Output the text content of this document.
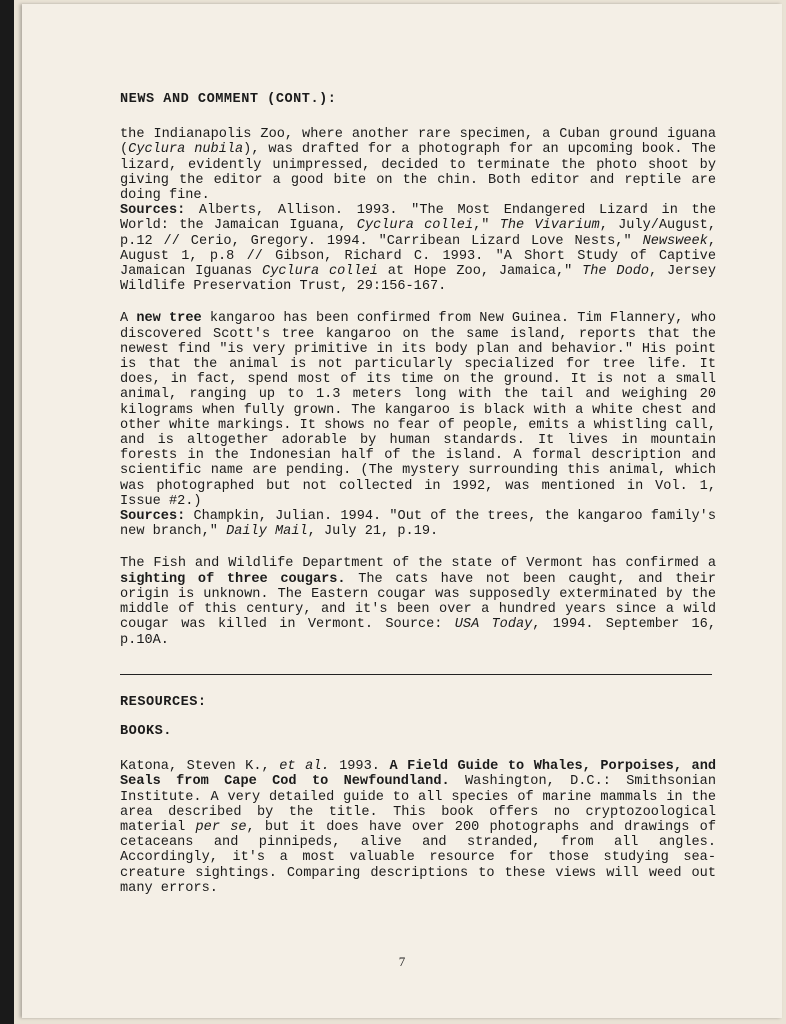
NEWS AND COMMENT (CONT.):

the Indianapolis Zoo, where another rare specimen, a Cuban ground iguana (Cyclura nubila), was drafted for a photograph for an upcoming book. The lizard, evidently unimpressed, decided to terminate the photo shoot by giving the editor a good bite on the chin. Both editor and reptile are doing fine.

Sources: Alberts, Allison. 1993. "The Most Endangered Lizard in the World: the Jamaican Iguana, Cyclura collei," The Vivarium, July/August, p.12 // Cerio, Gregory. 1994. "Carribean Lizard Love Nests," Newsweek, August 1, p.8 // Gibson, Richard C. 1993. "A Short Study of Captive Jamaican Iguanas Cyclura collei at Hope Zoo, Jamaica," The Dodo, Jersey Wildlife Preservation Trust, 29:156-167.

A new tree kangaroo has been confirmed from New Guinea. Tim Flannery, who discovered Scott's tree kangaroo on the same island, reports that the newest find "is very primitive in its body plan and behavior." His point is that the animal is not particularly specialized for tree life. It does, in fact, spend most of its time on the ground. It is not a small animal, ranging up to 1.3 meters long with the tail and weighing 20 kilograms when fully grown. The kangaroo is black with a white chest and other white markings. It shows no fear of people, emits a whistling call, and is altogether adorable by human standards. It lives in mountain forests in the Indonesian half of the island. A formal description and scientific name are pending. (The mystery surrounding this animal, which was photographed but not collected in 1992, was mentioned in Vol. 1, Issue #2.)

Sources: Champkin, Julian. 1994. "Out of the trees, the kangaroo family's new branch," Daily Mail, July 21, p.19.

The Fish and Wildlife Department of the state of Vermont has confirmed a sighting of three cougars. The cats have not been caught, and their origin is unknown. The Eastern cougar was supposedly exterminated by the middle of this century, and it's been over a hundred years since a wild cougar was killed in Vermont. Source: USA Today, 1994. September 16, p.10A.

RESOURCES:
BOOKS.

Katona, Steven K., et al. 1993. A Field Guide to Whales, Porpoises, and Seals from Cape Cod to Newfoundland. Washington, D.C.: Smithsonian Institute. A very detailed guide to all species of marine mammals in the area described by the title. This book offers no cryptozoological material per se, but it does have over 200 photographs and drawings of cetaceans and pinnipeds, alive and stranded, from all angles. Accordingly, it's a most valuable resource for those studying sea-creature sightings. Comparing descriptions to these views will weed out many errors.

7
